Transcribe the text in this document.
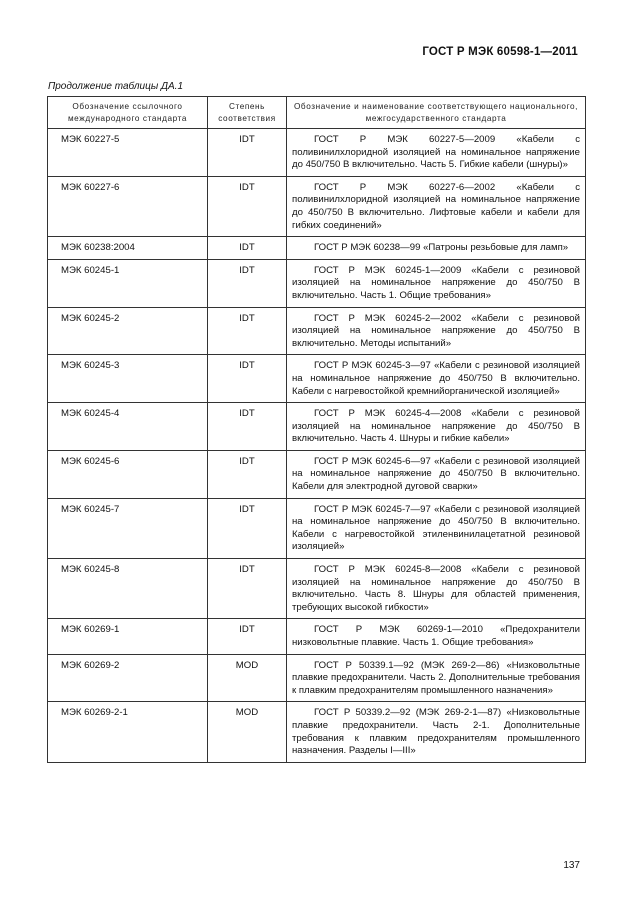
ГОСТ Р МЭК 60598-1—2011
Продолжение таблицы ДА.1
Обозначение ссылочного международного стандарта	Степень соответствия	Обозначение и наименование соответствующего национального, межгосударственного стандарта
МЭК 60227-5	IDT	ГОСТ Р МЭК 60227-5—2009 «Кабели с поливинилхлоридной изоляцией на номинальное напряжение до 450/750 В включительно. Часть 5. Гибкие кабели (шнуры)»
МЭК 60227-6	IDT	ГОСТ Р МЭК 60227-6—2002 «Кабели с поливинилхлоридной изоляцией на номинальное напряжение до 450/750 В включительно. Лифтовые кабели и кабели для гибких соединений»
МЭК 60238:2004	IDT	ГОСТ Р МЭК 60238—99 «Патроны резьбовые для ламп»
МЭК 60245-1	IDT	ГОСТ Р МЭК 60245-1—2009 «Кабели с резиновой изоляцией на номинальное напряжение до 450/750 В включительно. Часть 1. Общие требования»
МЭК 60245-2	IDT	ГОСТ Р МЭК 60245-2—2002 «Кабели с резиновой изоляцией на номинальное напряжение до 450/750 В включительно. Методы испытаний»
МЭК 60245-3	IDT	ГОСТ Р МЭК 60245-3—97 «Кабели с резиновой изоляцией на номинальное напряжение до 450/750 В включительно. Кабели с нагревостойкой кремнийорганической изоляцией»
МЭК 60245-4	IDT	ГОСТ Р МЭК 60245-4—2008 «Кабели с резиновой изоляцией на номинальное напряжение до 450/750 В включительно. Часть 4. Шнуры и гибкие кабели»
МЭК 60245-6	IDT	ГОСТ Р МЭК 60245-6—97 «Кабели с резиновой изоляцией на номинальное напряжение до 450/750 В включительно. Кабели для электродной дуговой сварки»
МЭК 60245-7	IDT	ГОСТ Р МЭК 60245-7—97 «Кабели с резиновой изоляцией на номинальное напряжение до 450/750 В включительно. Кабели с нагревостойкой этиленвинилацетатной резиновой изоляцией»
МЭК 60245-8	IDT	ГОСТ Р МЭК 60245-8—2008 «Кабели с резиновой изоляцией на номинальное напряжение до 450/750 В включительно. Часть 8. Шнуры для областей применения, требующих высокой гибкости»
МЭК 60269-1	IDT	ГОСТ Р МЭК 60269-1—2010 «Предохранители низковольтные плавкие. Часть 1. Общие требования»
МЭК 60269-2	MOD	ГОСТ Р 50339.1—92 (МЭК 269-2—86) «Низковольтные плавкие предохранители. Часть 2. Дополнительные требования к плавким предохранителям промышленного назначения»
МЭК 60269-2-1	MOD	ГОСТ Р 50339.2—92 (МЭК 269-2-1—87) «Низковольтные плавкие предохранители. Часть 2-1. Дополнительные требования к плавким предохранителям промышленного назначения. Разделы I—III»
137
